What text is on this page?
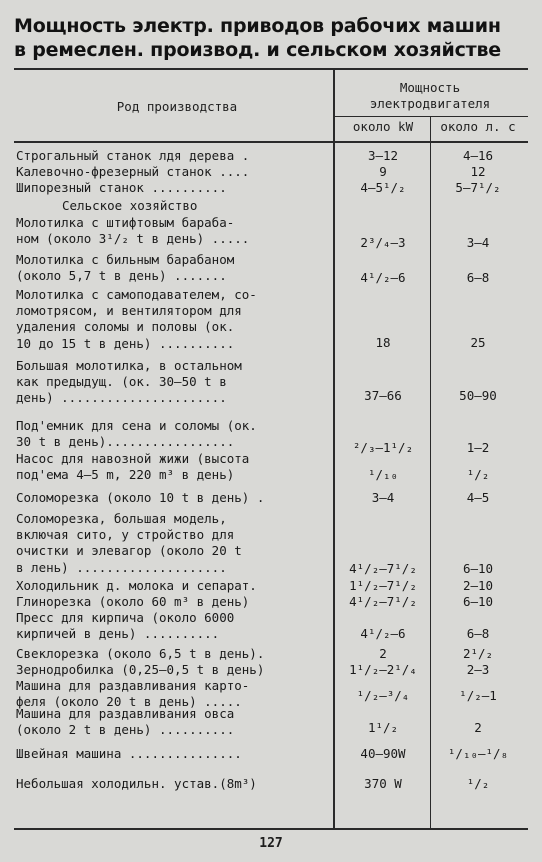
Мощность электр. приводов рабочих машин
в ремеслен. производ. и сельском хозяйстве
Род производства
Мощность
электродвигателя
около kW	около л. с
Строгальный станок лдя дерева .	3—12	4—16
Калевочно-фрезерный станок ....	9	12
Шипорезный станок ..........	4—5¹/₂	5—7¹/₂
Сельское хозяйство
Молотилка с штифтовым бараба-
ном (около 3¹/₂ t в день) .....	2³/₄—3	3—4
Молотилка с бильным барабаном
(около 5,7 t в день) .......	4¹/₂—6	6—8
Молотилка с самоподавателем, со-
ломотрясом, и вентилятором для
удаления соломы и половы (ок.
10 до 15 t в день) ..........	18	25
Большая молотилка, в остальном
как предыдущ. (ок. 30—50 t в
день) ......................	37—66	50—90
Под'емник для сена и соломы (ок.
30 t в день).................	²/₃—1¹/₂	1—2
Насос для навозной жижи (высота
под'ема 4—5 m, 220 m³ в день)	¹/₁₀	¹/₂
Соломорезка (около 10 t в день) .	3—4	4—5
Соломорезка, большая модель,
включая сито, у стройство для
очистки и элевагор (около 20 t
в лень) ....................	4¹/₂—7¹/₂	6—10
Холодильник д. молока и сепарат.	1¹/₂—7¹/₂	2—10
Глинорезка (около 60 m³ в день)	4¹/₂—7¹/₂	6—10
Пресс для кирпича (около 6000
кирпичей в день) ..........	4¹/₂—6	6—8
Свеклорезка (около 6,5 t в день).	2	2¹/₂
Зернодробилка (0,25—0,5 t в день)	1¹/₂—2¹/₄	2—3
Машина для раздавливания карто-
феля (около 20 t в день) .....	¹/₂—³/₄	¹/₂—1
Машина для раздавливания овса
(около 2 t в день) ..........	1¹/₂	2
Швейная машина ...............	40—90W	¹/₁₀—¹/₈
Небольшая холодильн. устав.(8m³)	370 W	¹/₂
127
